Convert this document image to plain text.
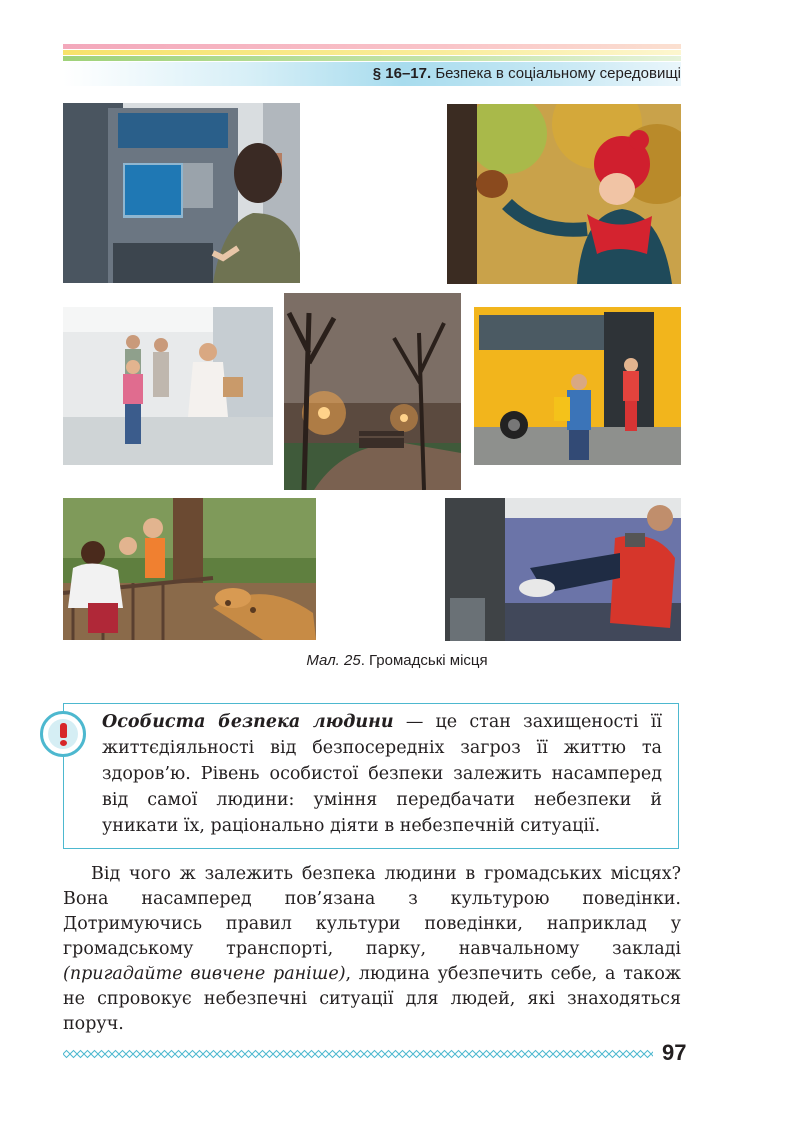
§ 16–17. Безпека в соціальному середовищі
Мал. 25. Громадські місця
Особиста безпека людини — це стан захищеності її життєдіяльності від безпосередніх загроз її життю та здоров’ю. Рівень особистої безпеки залежить насамперед від самої людини: уміння передбачати небезпеки й уникати їх, раціонально діяти в небезпечній ситуації.
Від чого ж залежить безпека людини в громадських місцях? Вона насамперед пов’язана з культурою поведінки. Дотримуючись правил культури поведінки, наприклад у громадському транспорті, парку, навчальному закладі (пригадайте вивчене раніше), людина убезпечить себе, а також не спровокує небезпечні ситуації для людей, які знаходяться поруч.
97
